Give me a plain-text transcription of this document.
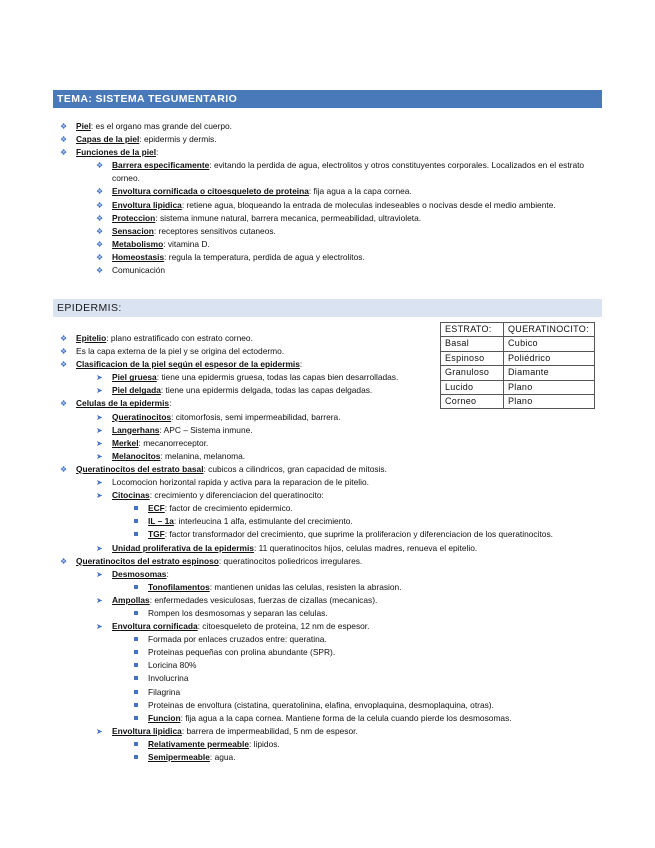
TEMA: SISTEMA TEGUMENTARIO
❖ Piel: es el organo mas grande del cuerpo.
❖ Capas de la piel: epidermis y dermis.
❖ Funciones de la piel:
❖ Barrera especificamente: evitando la perdida de agua, electrolitos y otros constituyentes corporales. Localizados en el estrato corneo.
❖ Envoltura cornificada o citoesqueleto de proteina: fija agua a la capa cornea.
❖ Envoltura lipidica: retiene agua, bloqueando la entrada de moleculas indeseables o nocivas desde el medio ambiente.
❖ Proteccion: sistema inmune natural, barrera mecanica, permeabilidad, ultravioleta.
❖ Sensacion: receptores sensitivos cutaneos.
❖ Metabolismo: vitamina D.
❖ Homeostasis: regula la temperatura, perdida de agua y electrolitos.
❖ Comunicación
EPIDERMIS:
ESTRATO:	QUERATINOCITO:
Basal	Cubico
Espinoso	Poliédrico
Granuloso	Diamante
Lucido	Plano
Corneo	Plano
❖ Epitelio: plano estratificado con estrato corneo.
❖ Es la capa externa de la piel y se origina del ectodermo.
❖ Clasificacion de la piel según el espesor de la epidermis:
➤ Piel gruesa: tiene una epidermis gruesa, todas las capas bien desarrolladas.
➤ Piel delgada: tiene una epidermis delgada, todas las capas delgadas.
❖ Celulas de la epidermis:
➤ Queratinocitos: citomorfosis, semi impermeabilidad, barrera.
➤ Langerhans: APC – Sistema inmune.
➤ Merkel: mecanorreceptor.
➤ Melanocitos: melanina, melanoma.
❖ Queratinocitos del estrato basal: cubicos a cilindricos, gran capacidad de mitosis.
➤ Locomocion horizontal rapida y activa para la reparacion de le pitelio.
➤ Citocinas: crecimiento y diferenciacion del queratinocito:
ECF: factor de crecimiento epidermico.
IL – 1a: interleucina 1 alfa, estimulante del crecimiento.
TGF: factor transformador del crecimiento, que suprime la proliferacion y diferenciacion de los queratinocitos.
➤ Unidad proliferativa de la epidermis: 11 queratinocitos hijos, celulas madres, renueva el epitelio.
❖ Queratinocitos del estrato espinoso: queratinocitos poliedricos irregulares.
➤ Desmosomas:
Tonofilamentos: mantienen unidas las celulas, resisten la abrasion.
➤ Ampollas: enfermedades vesiculosas, fuerzas de cizallas (mecanicas).
Rompen los desmosomas y separan las celulas.
➤ Envoltura cornificada: citoesqueleto de proteina, 12 nm de espesor.
Formada por enlaces cruzados entre: queratina.
Proteinas pequeñas con prolina abundante (SPR).
Loricina 80%
Involucrina
Filagrina
Proteinas de envoltura (cistatina, queratolinina, elafina, envoplaquina, desmoplaquina, otras).
Funcion: fija agua a la capa cornea. Mantiene forma de la celula cuando pierde los desmosomas.
➤ Envoltura lipidica: barrera de impermeabilidad, 5 nm de espesor.
Relativamente permeable: lipidos.
Semipermeable: agua.
